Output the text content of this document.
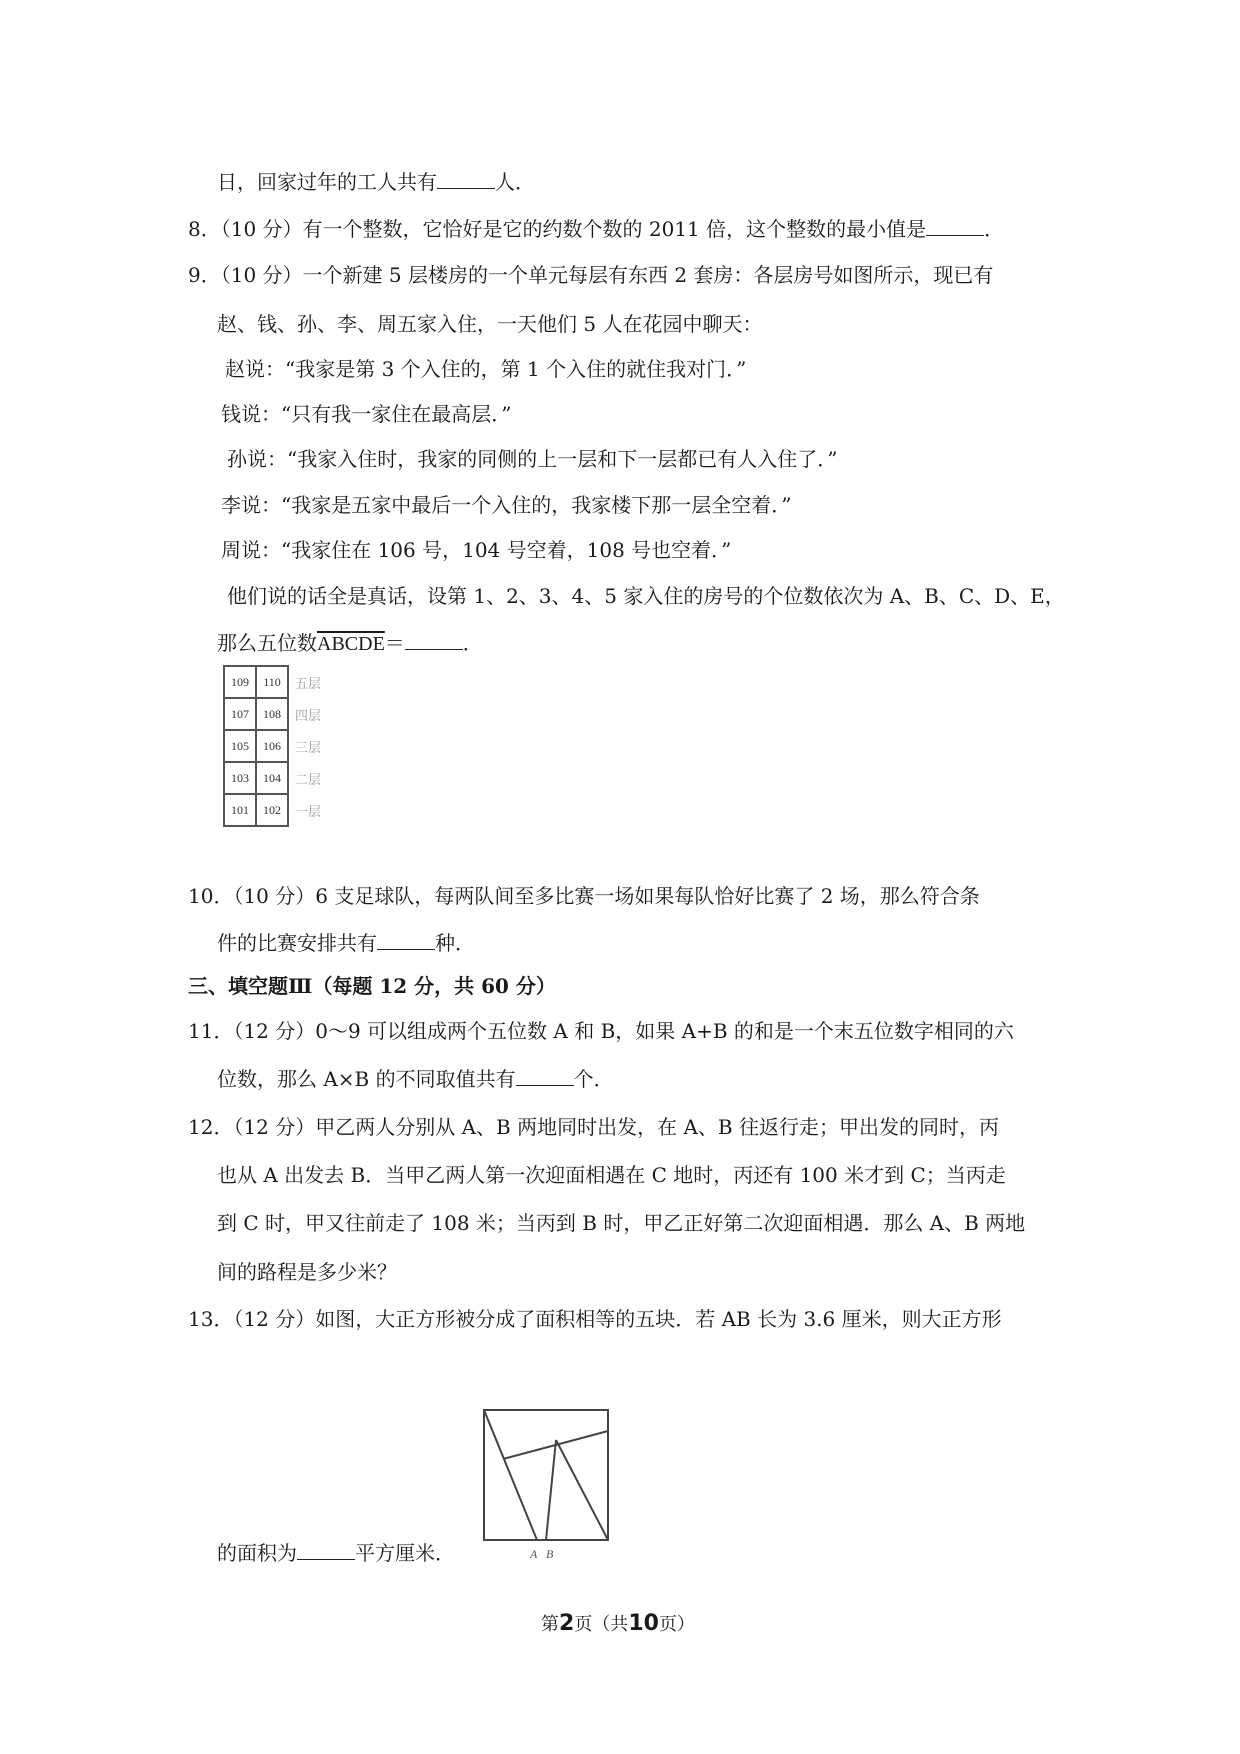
日，回家过年的工人共有	人．
8．（10 分）有一个整数，它恰好是它的约数个数的 2011 倍，这个整数的最小值是	．
9．（10 分）一个新建 5 层楼房的一个单元每层有东西 2 套房：各层房号如图所示，现已有
赵、钱、孙、李、周五家入住，一天他们 5 人在花园中聊天：
赵说：“我家是第 3 个入住的，第 1 个入住的就住我对门．”
钱说：“只有我一家住在最高层．”
孙说：“我家入住时，我家的同侧的上一层和下一层都已有人入住了．”
李说：“我家是五家中最后一个入住的，我家楼下那一层全空着．”
周说：“我家住在 106 号，104 号空着，108 号也空着．”
他们说的话全是真话，设第 1、2、3、4、5 家入住的房号的个位数依次为 A、B、C、D、E，
那么五位数ABCDE＝	．
109	110	五层
107	108	四层
105	106	三层
103	104	二层
101	102	一层
10．（10 分）6 支足球队，每两队间至多比赛一场如果每队恰好比赛了 2 场，那么符合条
件的比赛安排共有	种．
三、填空题Ⅲ（每题 12 分，共 60 分）
11．（12 分）0～9 可以组成两个五位数 A 和 B，如果 A+B 的和是一个末五位数字相同的六
位数，那么 A×B 的不同取值共有	个．
12．（12 分）甲乙两人分别从 A、B 两地同时出发，在 A、B 往返行走；甲出发的同时，丙
也从 A 出发去 B．当甲乙两人第一次迎面相遇在 C 地时，丙还有 100 米才到 C；当丙走
到 C 时，甲又往前走了 108 米；当丙到 B 时，甲乙正好第二次迎面相遇．那么 A、B 两地
间的路程是多少米？
13．（12 分）如图，大正方形被分成了面积相等的五块．若 AB 长为 3.6 厘米，则大正方形
A B
的面积为	平方厘米．
第2页（共10页）
